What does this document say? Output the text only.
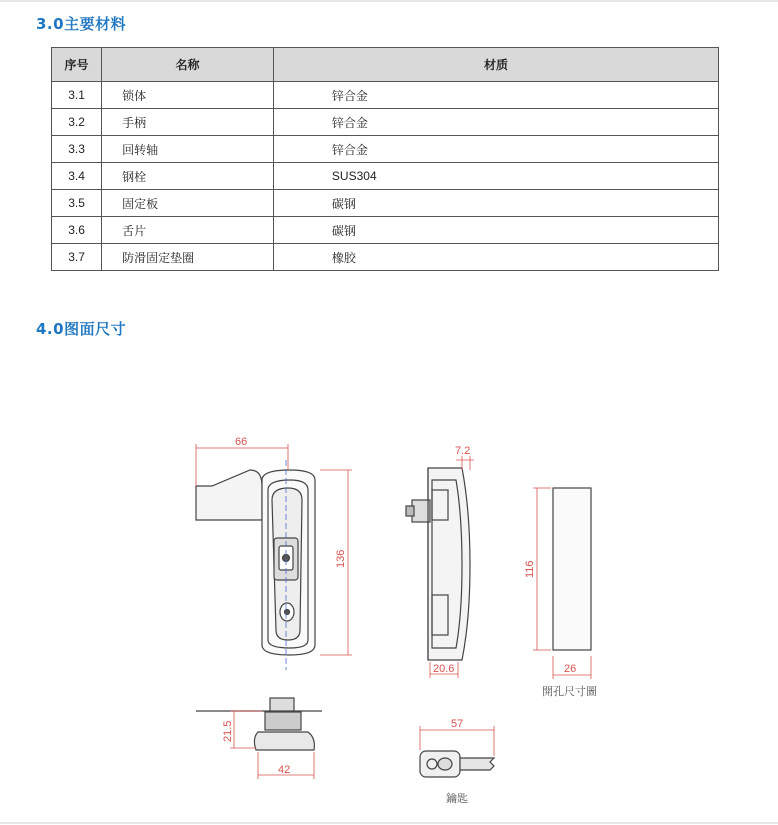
3.0主要材料
序号	名称	材质
3.1	锁体	锌合金
3.2	手柄	锌合金
3.3	回转轴	锌合金
3.4	钢栓	SUS304
3.5	固定板	碳钢
3.6	舌片	碳钢
3.7	防滑固定垫圈	橡胶
4.0图面尺寸
66
136
7.2
20.6
116
26
開孔尺寸圖
21.5
42
57
鑰匙
